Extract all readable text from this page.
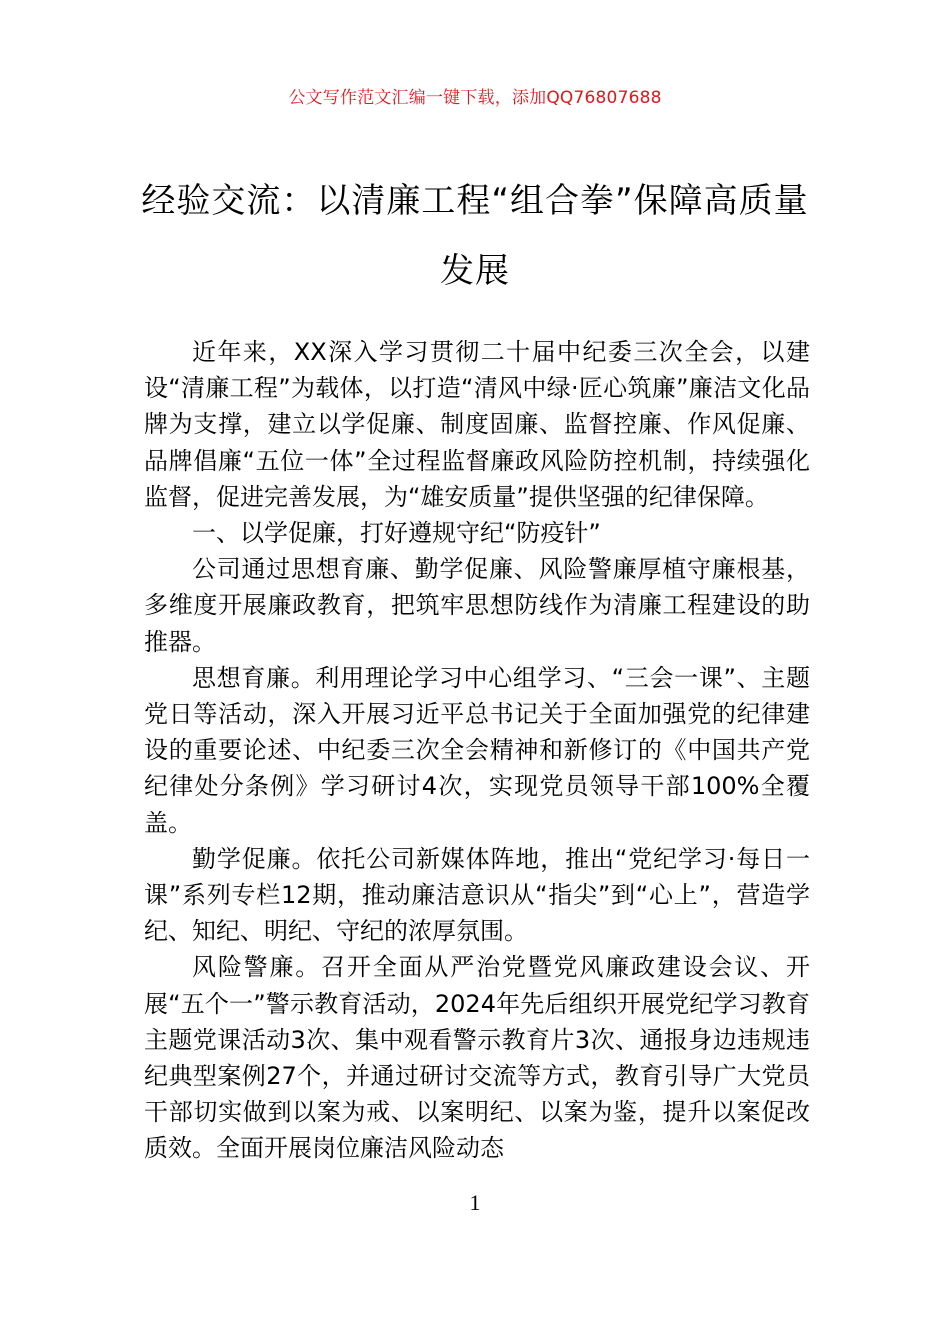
公文写作范文汇编一键下载，添加QQ76807688
经验交流：以清廉工程“组合拳”保障高质量发展

近年来，XX深入学习贯彻二十届中纪委三次全会，以建设“清廉工程”为载体，以打造“清风中绿·匠心筑廉”廉洁文化品牌为支撑，建立以学促廉、制度固廉、监督控廉、作风促廉、品牌倡廉“五位一体”全过程监督廉政风险防控机制，持续强化监督，促进完善发展，为“雄安质量”提供坚强的纪律保障。

一、以学促廉，打好遵规守纪“防疫针”

公司通过思想育廉、勤学促廉、风险警廉厚植守廉根基，多维度开展廉政教育，把筑牢思想防线作为清廉工程建设的助推器。

思想育廉。利用理论学习中心组学习、“三会一课”、主题党日等活动，深入开展习近平总书记关于全面加强党的纪律建设的重要论述、中纪委三次全会精神和新修订的《中国共产党纪律处分条例》学习研讨4次，实现党员领导干部100%全覆盖。

勤学促廉。依托公司新媒体阵地，推出“党纪学习·每日一课”系列专栏12期，推动廉洁意识从“指尖”到“心上”，营造学纪、知纪、明纪、守纪的浓厚氛围。

风险警廉。召开全面从严治党暨党风廉政建设会议、开展“五个一”警示教育活动，2024年先后组织开展党纪学习教育主题党课活动3次、集中观看警示教育片3次、通报身边违规违纪典型案例27个，并通过研讨交流等方式，教育引导广大党员干部切实做到以案为戒、以案明纪、以案为鉴，提升以案促改质效。全面开展岗位廉洁风险动态

1
